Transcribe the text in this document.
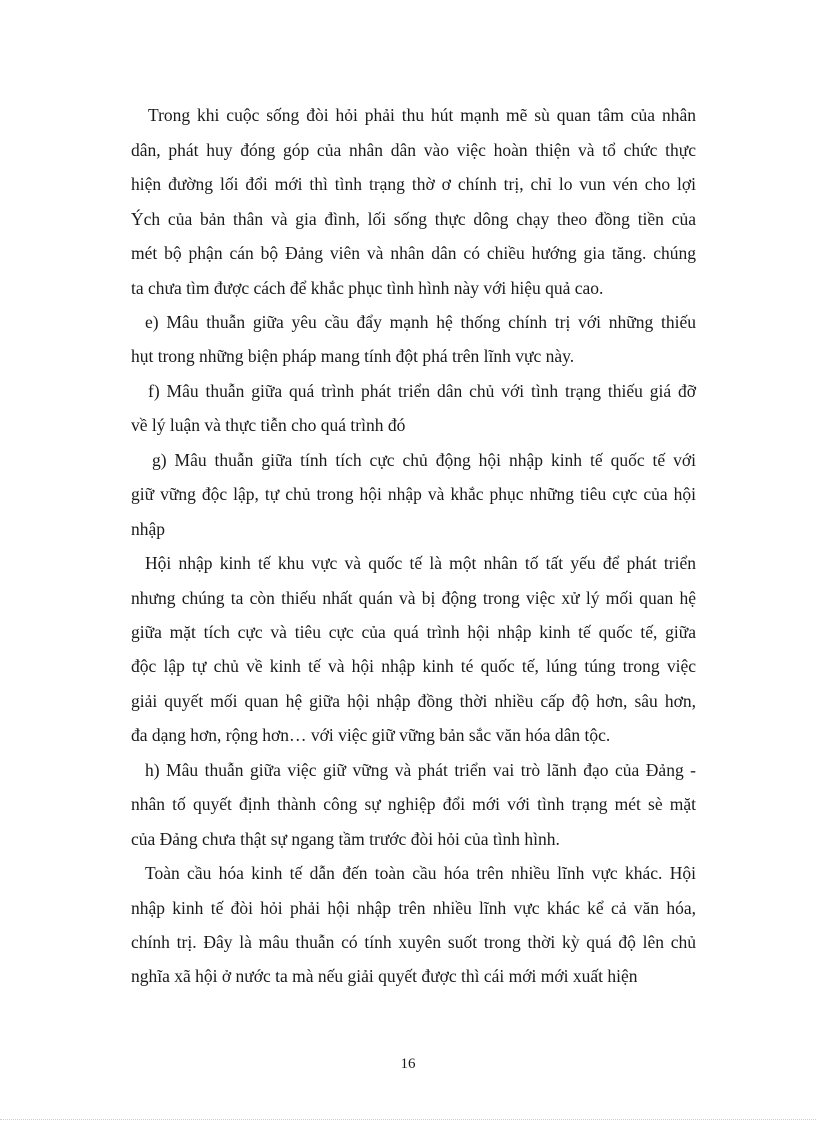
Trong khi cuộc sống đòi hỏi phải thu hút mạnh mẽ sù quan tâm của nhân
dân, phát huy đóng góp của nhân dân vào việc hoàn thiện và tổ chức thực
hiện đường lối đổi mới thì tình trạng thờ ơ chính trị, chỉ lo vun vén cho lợi
Ých của bản thân và gia đình, lối sống thực dông chạy theo đồng tiền của
mét bộ phận cán bộ Đảng viên và nhân dân có chiều hướng gia tăng. chúng
ta chưa tìm được cách để khắc phục tình hình này với hiệu quả cao.
e) Mâu thuẫn giữa yêu cầu đẩy mạnh hệ thống chính trị với những thiếu
hụt trong những biện pháp mang tính đột phá trên lĩnh vực này.
f) Mâu thuẫn giữa quá trình phát triển dân chủ với tình trạng thiếu giá đỡ
về lý luận và thực tiễn cho quá trình đó
g) Mâu thuẫn giữa tính tích cực chủ động hội nhập kinh tế quốc tế với
giữ vững độc lập, tự chủ trong hội nhập và khắc phục những tiêu cực của hội
nhập
Hội nhập kinh tế khu vực và quốc tế là một nhân tố tất yếu để phát triển
nhưng chúng ta còn thiếu nhất quán và bị động trong việc xử lý mối quan hệ
giữa mặt tích cực và tiêu cực của quá trình hội nhập kinh tế quốc tế, giữa
độc lập tự chủ về kinh tế và hội nhập kinh té quốc tế, lúng túng trong việc
giải quyết mối quan hệ giữa hội nhập đồng thời nhiều cấp độ hơn, sâu hơn,
đa dạng hơn, rộng hơn… với việc giữ vững bản sắc văn hóa dân tộc.
h) Mâu thuẫn giữa việc giữ vững và phát triển vai trò lãnh đạo của Đảng -
nhân tố quyết định thành công sự nghiệp đổi mới với tình trạng mét sè mặt
của Đảng chưa thật sự ngang tầm trước đòi hỏi của tình hình.
Toàn cầu hóa kinh tế dẫn đến toàn cầu hóa trên nhiều lĩnh vực khác. Hội
nhập kinh tế đòi hỏi phải hội nhập trên nhiều lĩnh vực khác kể cả văn hóa,
chính trị. Đây là mâu thuẫn có tính xuyên suốt trong thời kỳ quá độ lên chủ
nghĩa xã hội ở nước ta mà nếu giải quyết được thì cái mới mới xuất hiện
16
